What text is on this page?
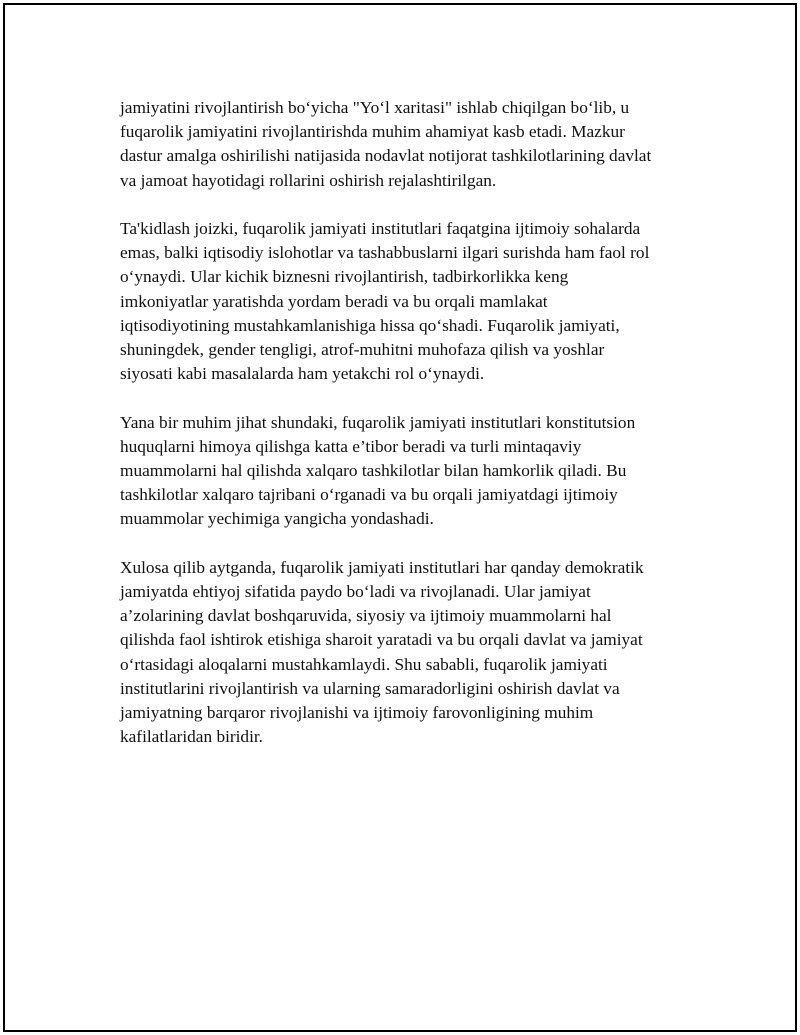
jamiyatini rivojlantirish bo‘yicha "Yo‘l xaritasi" ishlab chiqilgan bo‘lib, u
fuqarolik jamiyatini rivojlantirishda muhim ahamiyat kasb etadi. Mazkur
dastur amalga oshirilishi natijasida nodavlat notijorat tashkilotlarining davlat
va jamoat hayotidagi rollarini oshirish rejalashtirilgan.

Ta'kidlash joizki, fuqarolik jamiyati institutlari faqatgina ijtimoiy sohalarda
emas, balki iqtisodiy islohotlar va tashabbuslarni ilgari surishda ham faol rol
o‘ynaydi. Ular kichik biznesni rivojlantirish, tadbirkorlikka keng
imkoniyatlar yaratishda yordam beradi va bu orqali mamlakat
iqtisodiyotining mustahkamlanishiga hissa qo‘shadi. Fuqarolik jamiyati,
shuningdek, gender tengligi, atrof-muhitni muhofaza qilish va yoshlar
siyosati kabi masalalarda ham yetakchi rol o‘ynaydi.

Yana bir muhim jihat shundaki, fuqarolik jamiyati institutlari konstitutsion
huquqlarni himoya qilishga katta e’tibor beradi va turli mintaqaviy
muammolarni hal qilishda xalqaro tashkilotlar bilan hamkorlik qiladi. Bu
tashkilotlar xalqaro tajribani o‘rganadi va bu orqali jamiyatdagi ijtimoiy
muammolar yechimiga yangicha yondashadi.

Xulosa qilib aytganda, fuqarolik jamiyati institutlari har qanday demokratik
jamiyatda ehtiyoj sifatida paydo bo‘ladi va rivojlanadi. Ular jamiyat
a’zolarining davlat boshqaruvida, siyosiy va ijtimoiy muammolarni hal
qilishda faol ishtirok etishiga sharoit yaratadi va bu orqali davlat va jamiyat
o‘rtasidagi aloqalarni mustahkamlaydi. Shu sababli, fuqarolik jamiyati
institutlarini rivojlantirish va ularning samaradorligini oshirish davlat va
jamiyatning barqaror rivojlanishi va ijtimoiy farovonligining muhim
kafilatlaridan biridir.
